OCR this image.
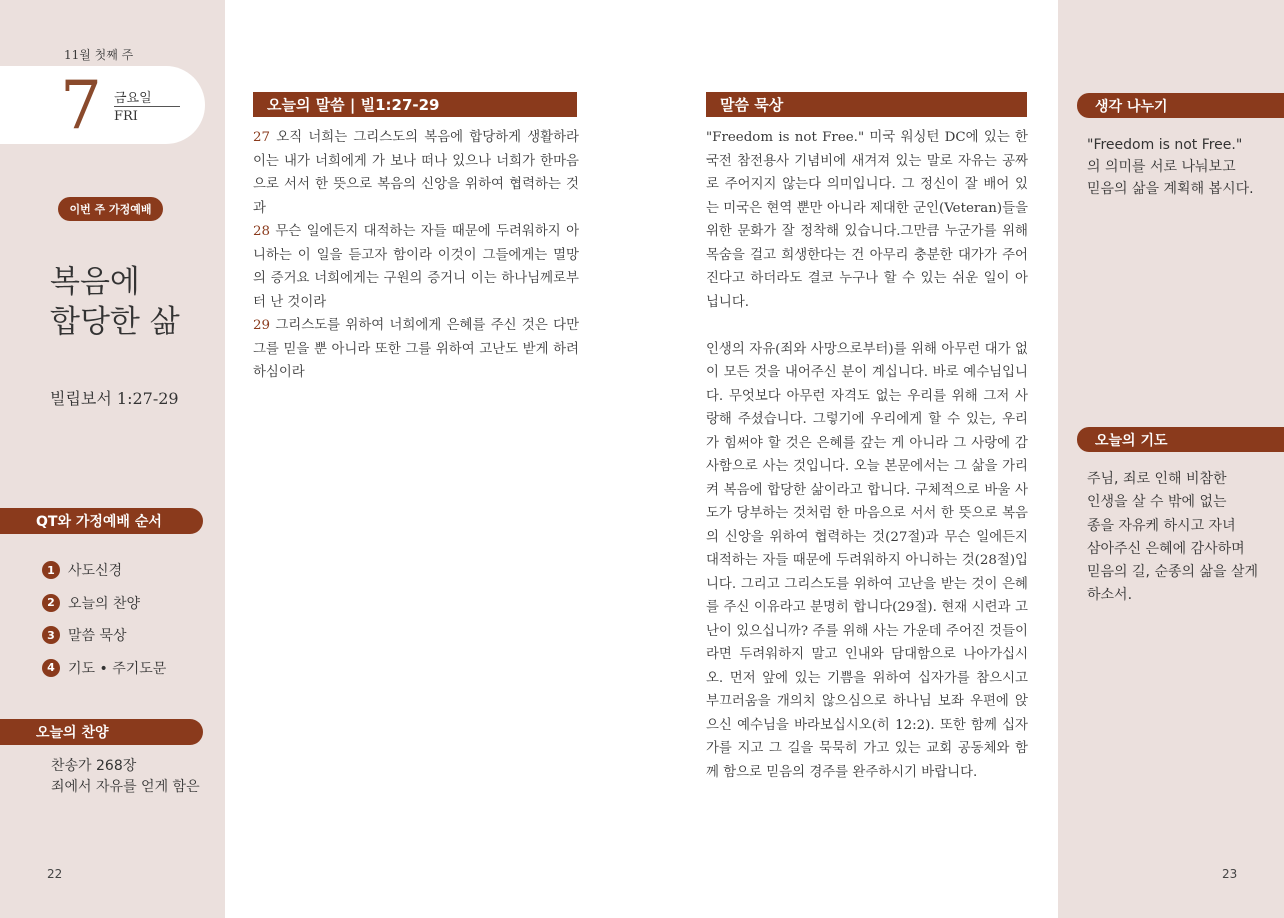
11월 첫째 주
7 금요일
FRI
이번 주 가정예배
복음에
합당한 삶
빌립보서 1:27-29
QT와 가정예배 순서
1 사도신경
2 오늘의 찬양
3 말씀 묵상
4 기도 • 주기도문
오늘의 찬양
찬송가 268장
죄에서 자유를 얻게 함은
22
오늘의 말씀 | 빌1:27-29
27 오직 너희는 그리스도의 복음에 합당하게 생활하라 이는 내가 너희에게 가 보나 떠나 있으나 너희가 한마음으로 서서 한 뜻으로 복음의 신앙을 위하여 협력하는 것과
28 무슨 일에든지 대적하는 자들 때문에 두려워하지 아니하는 이 일을 듣고자 함이라 이것이 그들에게는 멸망의 증거요 너희에게는 구원의 증거니 이는 하나님께로부터 난 것이라
29 그리스도를 위하여 너희에게 은혜를 주신 것은 다만 그를 믿을 뿐 아니라 또한 그를 위하여 고난도 받게 하려 하심이라
말씀 묵상

"Freedom is not Free." 미국 워싱턴 DC에 있는 한국전 참전용사 기념비에 새겨져 있는 말로 자유는 공짜로 주어지지 않는다 의미입니다. 그 정신이 잘 배어 있는 미국은 현역 뿐만 아니라 제대한 군인(Veteran)들을 위한 문화가 잘 정착해 있습니다.그만큼 누군가를 위해 목숨을 걸고 희생한다는 건 아무리 충분한 대가가 주어진다고 하더라도 결코 누구나 할 수 있는 쉬운 일이 아닙니다.

인생의 자유(죄와 사망으로부터)를 위해 아무런 대가 없이 모든 것을 내어주신 분이 계십니다. 바로 예수님입니다. 무엇보다 아무런 자격도 없는 우리를 위해 그저 사랑해 주셨습니다. 그렇기에 우리에게 할 수 있는, 우리가 힘써야 할 것은 은혜를 갚는 게 아니라 그 사랑에 감사함으로 사는 것입니다. 오늘 본문에서는 그 삶을 가리켜 복음에 합당한 삶이라고 합니다. 구체적으로 바울 사도가 당부하는 것처럼 한 마음으로 서서 한 뜻으로 복음의 신앙을 위하여 협력하는 것(27절)과 무슨 일에든지 대적하는 자들 때문에 두려워하지 아니하는 것(28절)입니다. 그리고 그리스도를 위하여 고난을 받는 것이 은혜를 주신 이유라고 분명히 합니다(29절). 현재 시련과 고난이 있으십니까? 주를 위해 사는 가운데 주어진 것들이라면 두려워하지 말고 인내와 담대함으로 나아가십시오. 먼저 앞에 있는 기쁨을 위하여 십자가를 참으시고 부끄러움을 개의치 않으심으로 하나님 보좌 우편에 앉으신 예수님을 바라보십시오(히 12:2). 또한 함께 십자가를 지고 그 길을 묵묵히 가고 있는 교회 공동체와 함께 함으로 믿음의 경주를 완주하시기 바랍니다.

생각 나누기
"Freedom is not Free."
의 의미를 서로 나눠보고
믿음의 삶을 계획해 봅시다.
오늘의 기도
주님, 죄로 인해 비참한
인생을 살 수 밖에 없는
종을 자유케 하시고 자녀
삼아주신 은혜에 감사하며
믿음의 길, 순종의 삶을 살게
하소서.
23
